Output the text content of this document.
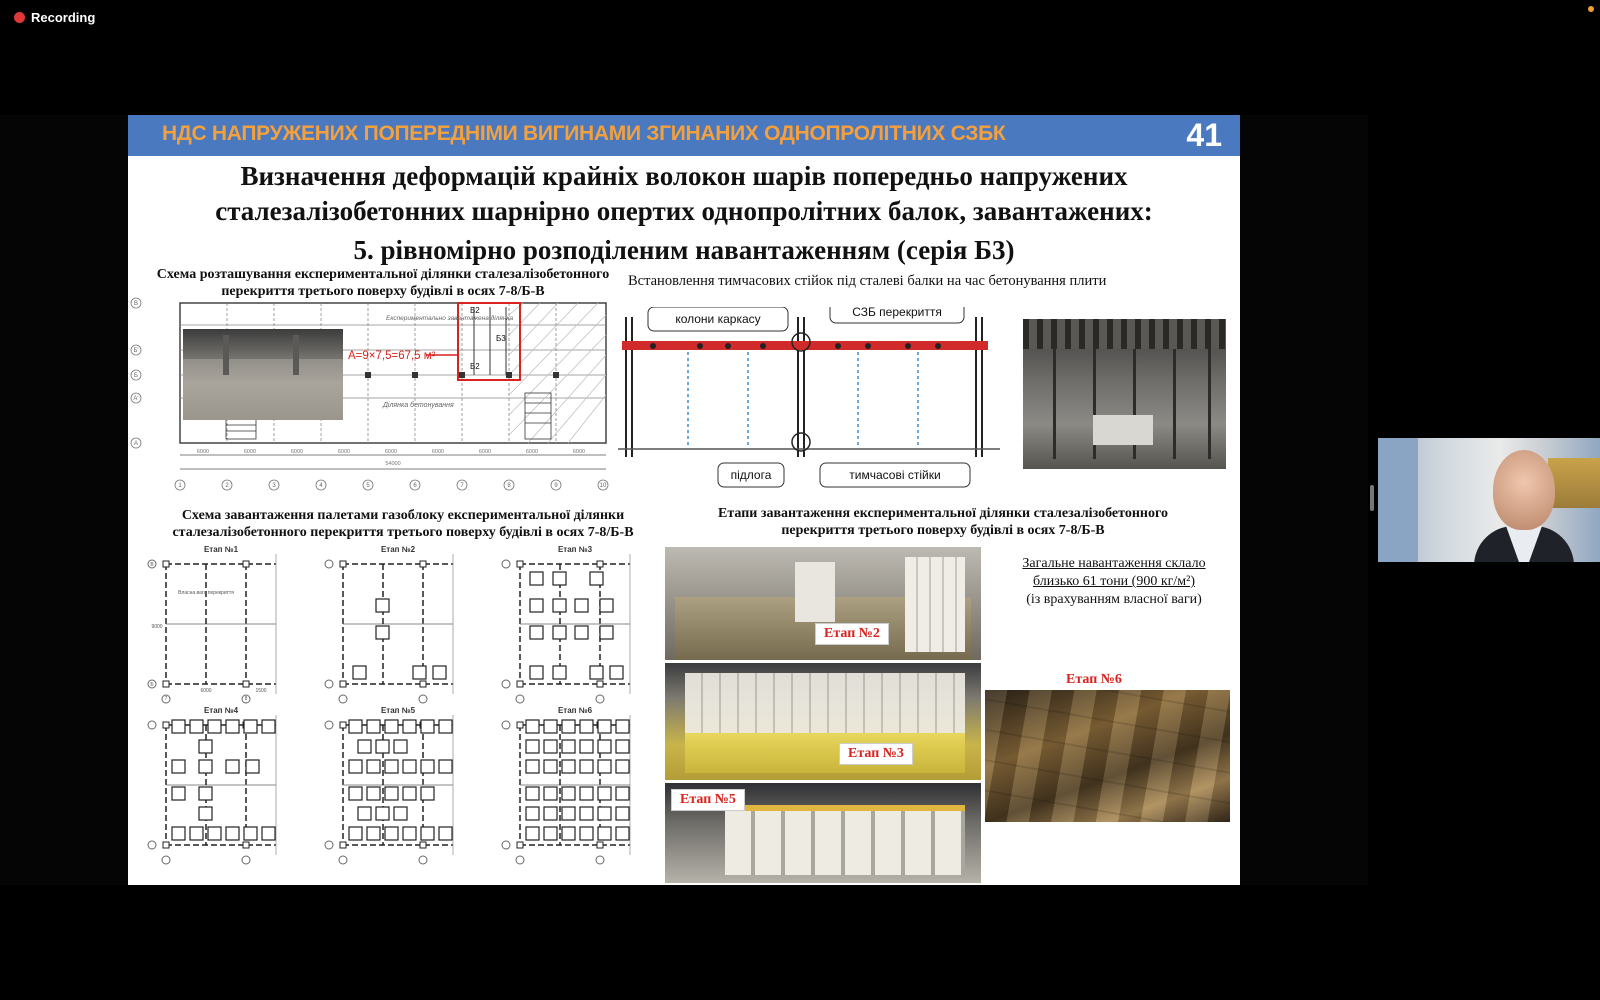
Recording
НДС НАПРУЖЕНИХ ПОПЕРЕДНІМИ ВИГИНАМИ ЗГИНАНИХ ОДНОПРОЛІТНИХ СЗБК	41
Визначення деформацій крайніх волокон шарів попередньо напружених
сталезалізобетонних шарнірно опертих однопролітних балок, завантажених:
5. рівномірно розподіленим навантаженням (серія Б3)
Схема розташування експериментальної ділянки сталезалізобетонного перекриття третього поверху будівлі в осях 7-8/Б-В
Б2
Б2
Б3
А=9×7,5=67,5 м²
Експериментально завантажена ділянка
Ділянка бетонування
1	2	3	4	5	6	7	8	9	10
В
Б'
Б
А'
А
6000	6000	6000	6000	6000	6000	6000	6000	6000
54000
Встановлення тимчасових стійок під сталеві балки на час бетонування плити
колони каркасу	СЗБ перекриття
підлога	тимчасові стійки
Схема завантаження палетами газоблоку експериментальної ділянки сталезалізобетонного перекриття третього поверху будівлі в осях 7-8/Б-В
Етап №1
Власна вага перекриття
Етап №2	Етап №3
Етап №4	Етап №5	Етап №6
6000	1500
7	8
В
Б
9000
Етапи завантаження експериментальної ділянки сталезалізобетонного перекриття третього поверху будівлі в осях 7-8/Б-В
Етап №2
Етап №3
Етап №5
Загальне навантаження склало
близько 61 тони (900 кг/м²)
(із врахуванням власної ваги)
Етап №6
